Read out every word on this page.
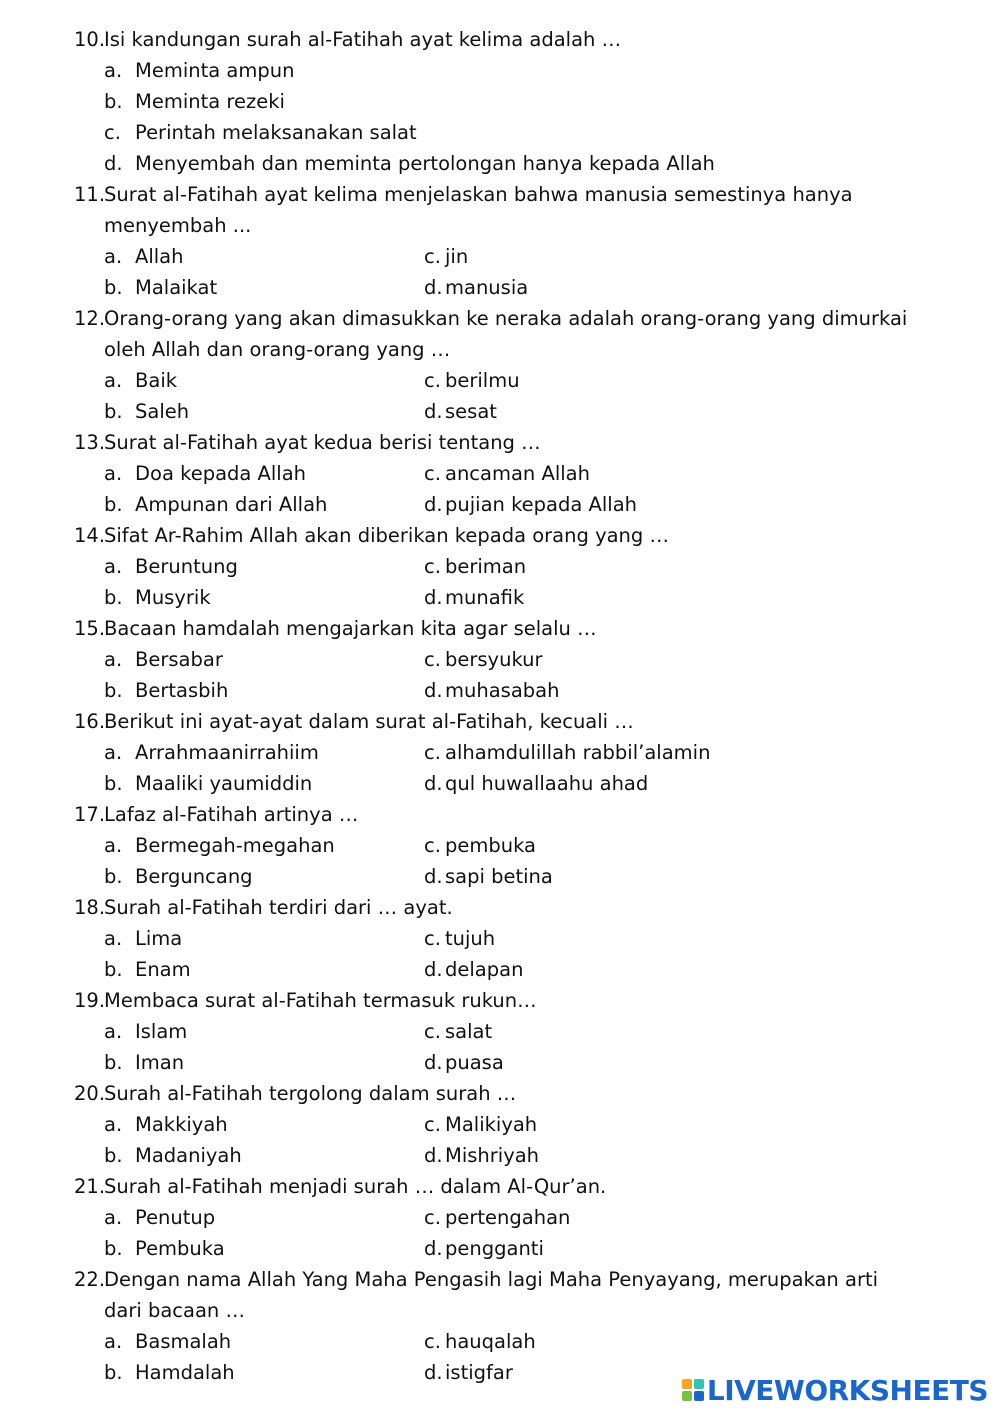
10.
Isi kandungan surah al-Fatihah ayat kelima adalah …
a. Meminta ampun
b. Meminta rezeki
c. Perintah melaksanakan salat
d. Menyembah dan meminta pertolongan hanya kepada Allah
11.
Surat al-Fatihah ayat kelima menjelaskan bahwa manusia semestinya hanya
menyembah ...
a. Allah	c. jin
b. Malaikat	d. manusia
12.
Orang-orang yang akan dimasukkan ke neraka adalah orang-orang yang dimurkai
oleh Allah dan orang-orang yang …
a. Baik	c. berilmu
b. Saleh	d. sesat
13.
Surat al-Fatihah ayat kedua berisi tentang …
a. Doa kepada Allah	c. ancaman Allah
b. Ampunan dari Allah	d. pujian kepada Allah
14.
Sifat Ar-Rahim Allah akan diberikan kepada orang yang …
a. Beruntung	c. beriman
b. Musyrik	d. munafik
15.
Bacaan hamdalah mengajarkan kita agar selalu …
a. Bersabar	c. bersyukur
b. Bertasbih	d. muhasabah
16.
Berikut ini ayat-ayat dalam surat al-Fatihah, kecuali …
a. Arrahmaanirrahiim	c. alhamdulillah rabbil’alamin
b. Maaliki yaumiddin	d. qul huwallaahu ahad
17.
Lafaz al-Fatihah artinya …
a. Bermegah-megahan	c. pembuka
b. Berguncang	d. sapi betina
18.
Surah al-Fatihah terdiri dari … ayat.
a. Lima	c. tujuh
b. Enam	d. delapan
19.
Membaca surat al-Fatihah termasuk rukun…
a. Islam	c. salat
b. Iman	d. puasa
20.
Surah al-Fatihah tergolong dalam surah …
a. Makkiyah	c. Malikiyah
b. Madaniyah	d. Mishriyah
21.
Surah al-Fatihah menjadi surah … dalam Al-Qur’an.
a. Penutup	c. pertengahan
b. Pembuka	d. pengganti
22.
Dengan nama Allah Yang Maha Pengasih lagi Maha Penyayang, merupakan arti
dari bacaan …
a. Basmalah	c. hauqalah
b. Hamdalah	d. istigfar
LIVEWORKSHEETS
